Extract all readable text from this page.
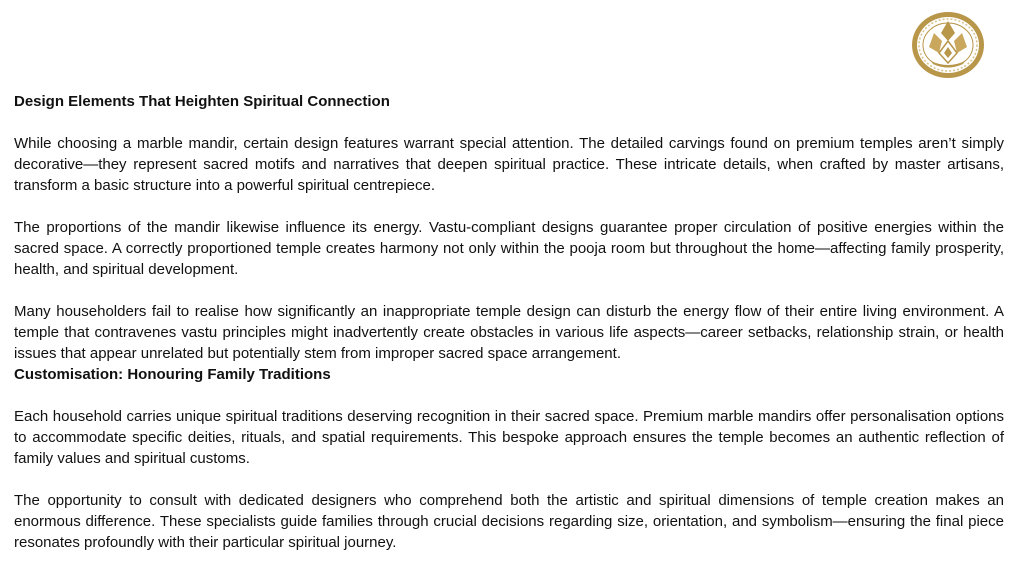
Design Elements That Heighten Spiritual Connection

While choosing a marble mandir, certain design features warrant special attention. The detailed carvings found on premium temples aren’t simply decorative—they represent sacred motifs and narratives that deepen spiritual practice. These intricate details, when crafted by master artisans, transform a basic structure into a powerful spiritual centrepiece.

The proportions of the mandir likewise influence its energy. Vastu-compliant designs guarantee proper circulation of positive energies within the sacred space. A correctly proportioned temple creates harmony not only within the pooja room but throughout the home—affecting family prosperity, health, and spiritual development.

Many householders fail to realise how significantly an inappropriate temple design can disturb the energy flow of their entire living environment. A temple that contravenes vastu principles might inadvertently create obstacles in various life aspects—career setbacks, relationship strain, or health issues that appear unrelated but potentially stem from improper sacred space arrangement.

Customisation: Honouring Family Traditions

Each household carries unique spiritual traditions deserving recognition in their sacred space. Premium marble mandirs offer personalisation options to accommodate specific deities, rituals, and spatial requirements. This bespoke approach ensures the temple becomes an authentic reflection of family values and spiritual customs.

The opportunity to consult with dedicated designers who comprehend both the artistic and spiritual dimensions of temple creation makes an enormous difference. These specialists guide families through crucial decisions regarding size, orientation, and symbolism—ensuring the final piece resonates profoundly with their particular spiritual journey.
